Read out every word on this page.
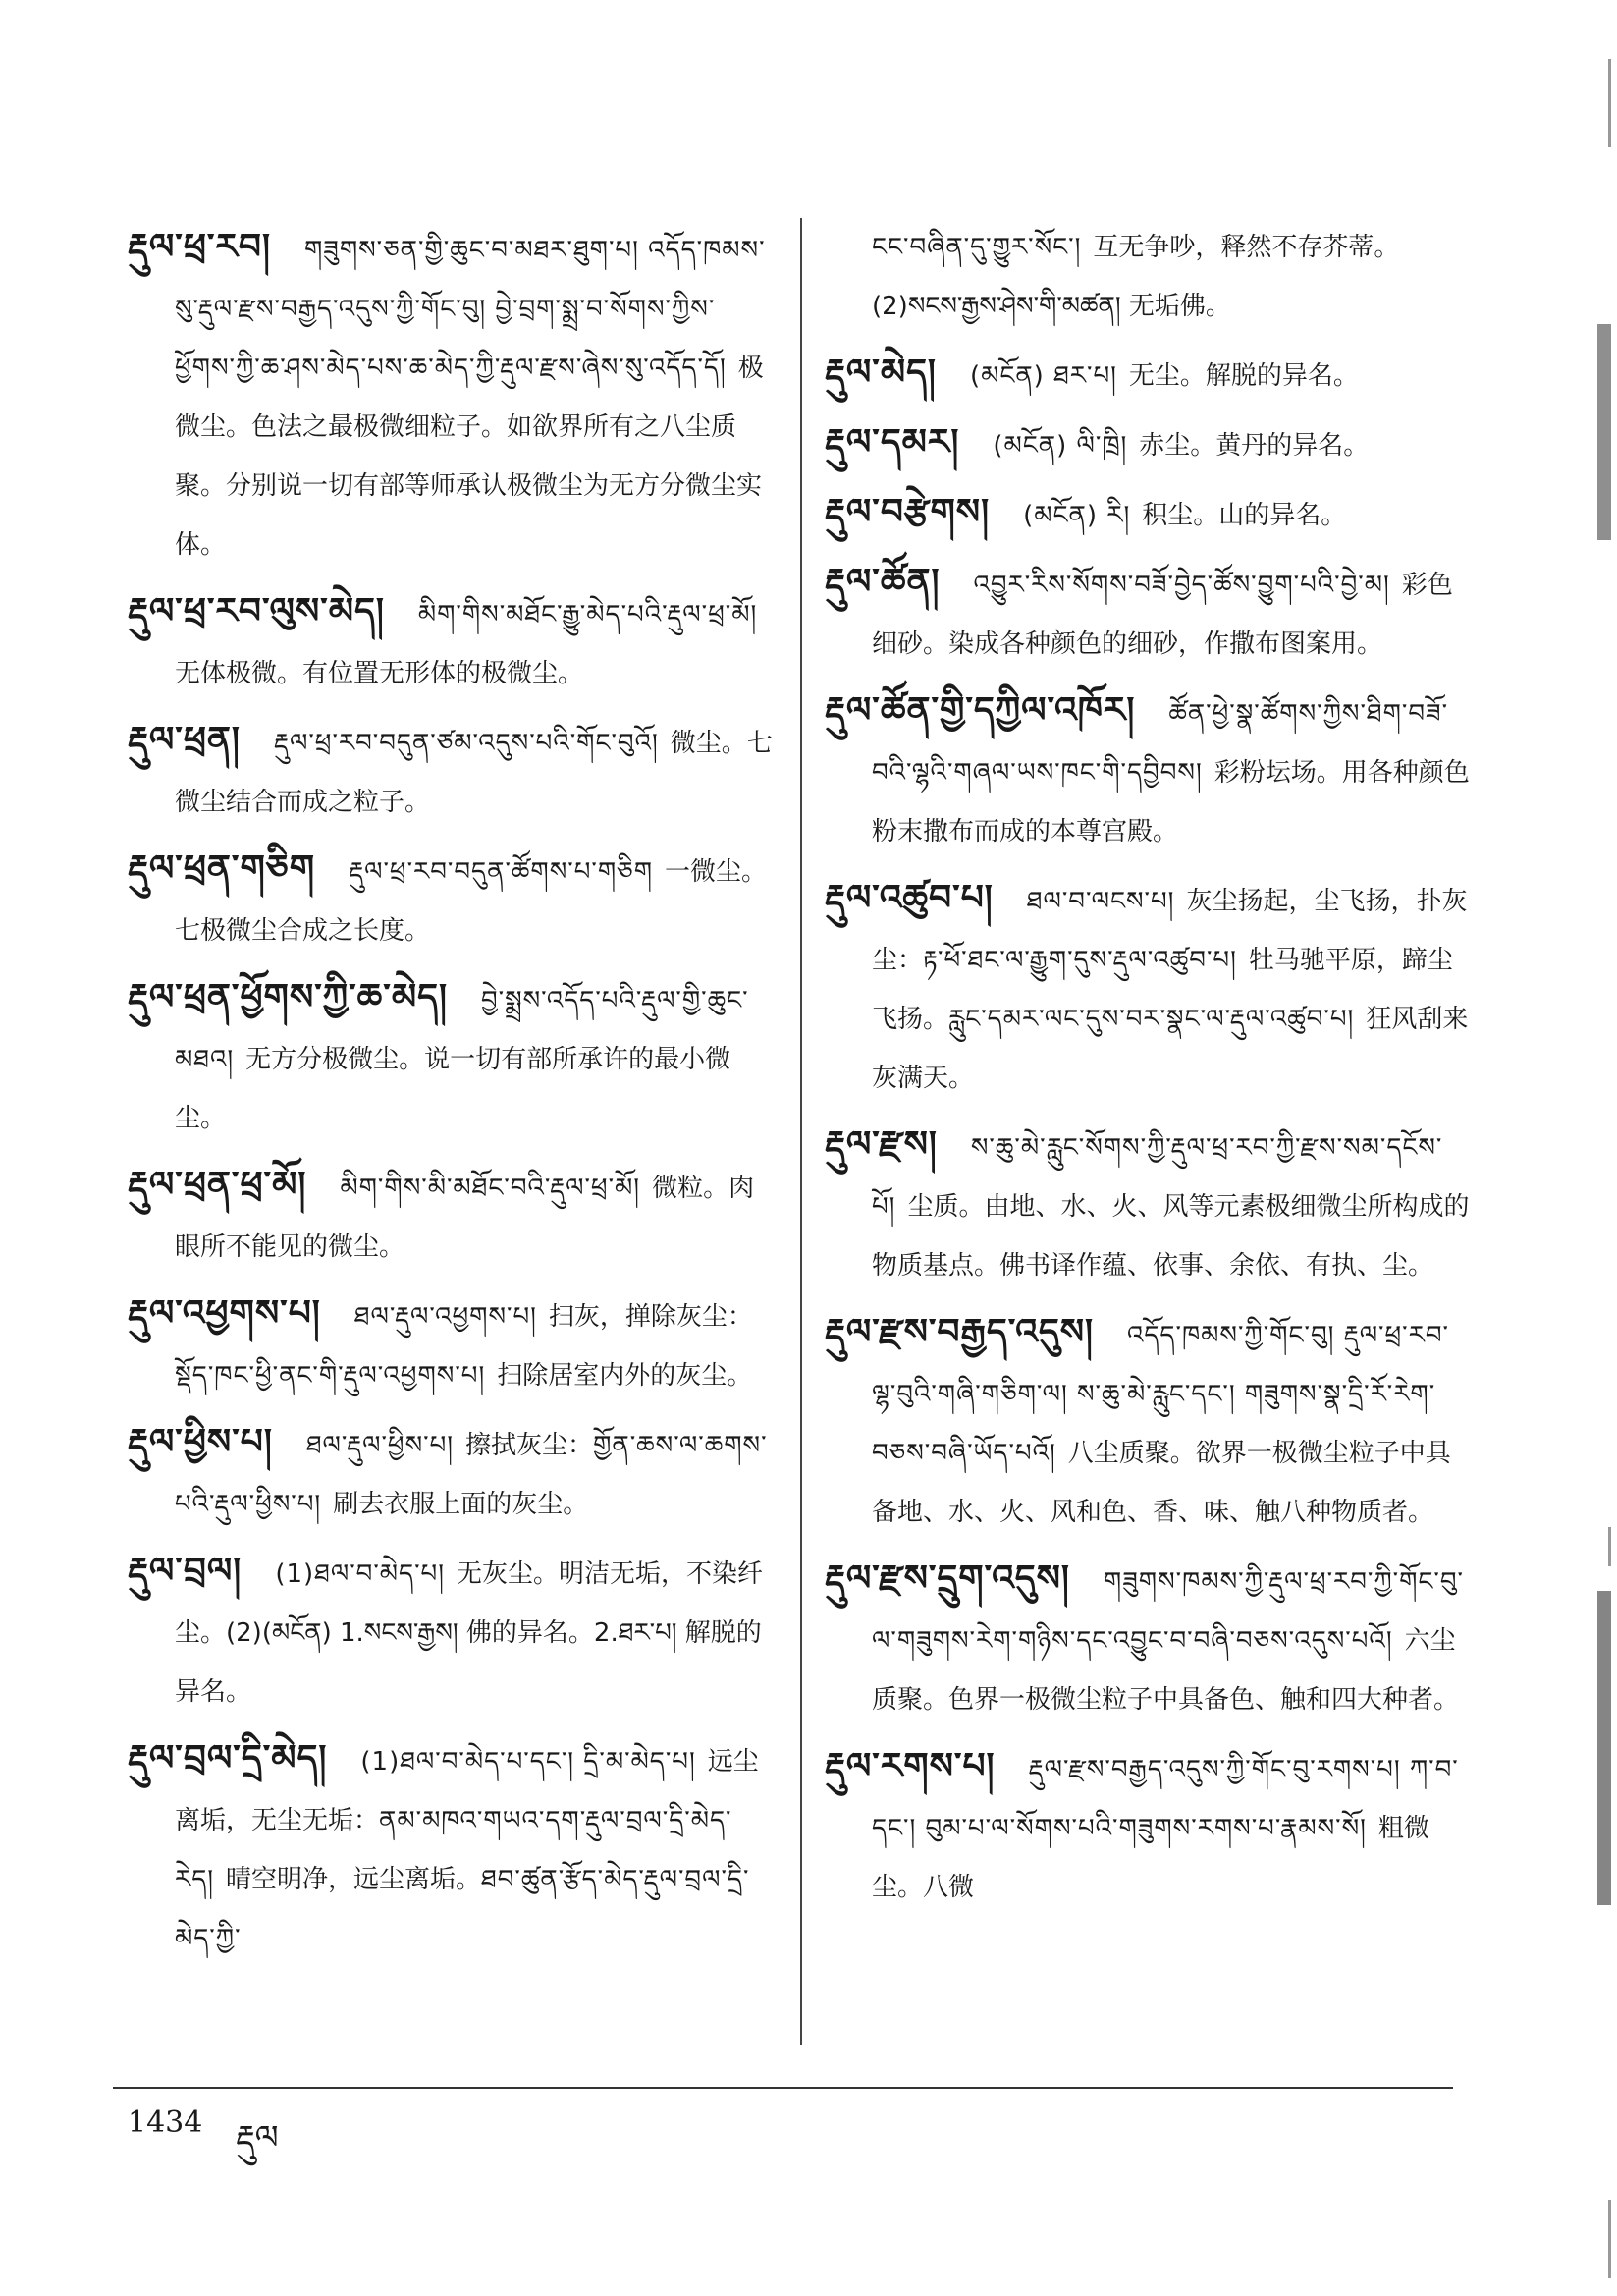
རྡུལ་ཕྲ་རབ། གཟུགས་ཅན་གྱི་ཆུང་བ་མཐར་ཐུག་པ། འདོད་ཁམས་སུ་རྡུལ་རྫས་བརྒྱད་འདུས་ཀྱི་གོང་བུ། བྱེ་བྲག་སྨྲ་བ་སོགས་ཀྱིས་ཕྱོགས་ཀྱི་ཆ་ཤས་མེད་པས་ཆ་མེད་ཀྱི་རྡུལ་རྫས་ཞེས་སུ་འདོད་དོ། 极微尘。色法之最极微细粒子。如欲界所有之八尘质聚。分别说一切有部等师承认极微尘为无方分微尘实体。
རྡུལ་ཕྲ་རབ་ལུས་མེད། མིག་གིས་མཐོང་རྒྱུ་མེད་པའི་རྡུལ་ཕྲ་མོ།无体极微。有位置无形体的极微尘。
རྡུལ་ཕྲན། རྡུལ་ཕྲ་རབ་བདུན་ཙམ་འདུས་པའི་གོང་བུའོ། 微尘。七微尘结合而成之粒子。
རྡུལ་ཕྲན་གཅིག རྡུལ་ཕྲ་རབ་བདུན་ཚོགས་པ་གཅིག 一微尘。七极微尘合成之长度。
རྡུལ་ཕྲན་ཕྱོགས་ཀྱི་ཆ་མེད། བྱེ་སྨྲས་འདོད་པའི་རྡུལ་གྱི་ཆུང་མཐའ། 无方分极微尘。说一切有部所承许的最小微尘。
རྡུལ་ཕྲན་ཕྲ་མོ། མིག་གིས་མི་མཐོང་བའི་རྡུལ་ཕྲ་མོ། 微粒。肉眼所不能见的微尘。
རྡུལ་འཕྱགས་པ། ཐལ་རྡུལ་འཕྱགས་པ། 扫灰，掸除灰尘：སྡོད་ཁང་ཕྱི་ནང་གི་རྡུལ་འཕྱགས་པ། 扫除居室内外的灰尘。
རྡུལ་ཕྱིས་པ། ཐལ་རྡུལ་ཕྱིས་པ། 擦拭灰尘：གྱོན་ཆས་ལ་ཆགས་པའི་རྡུལ་ཕྱིས་པ། 刷去衣服上面的灰尘。
རྡུལ་བྲལ། (1)ཐལ་བ་མེད་པ། 无灰尘。明洁无垢，不染纤尘。(2)(མངོན) 1.སངས་རྒྱས། 佛的异名。2.ཐར་པ། 解脱的异名。
རྡུལ་བྲལ་དྲི་མེད། (1)ཐལ་བ་མེད་པ་དང་། དྲི་མ་མེད་པ། 远尘离垢，无尘无垢：ནམ་མཁའ་གཡའ་དག་རྡུལ་བྲལ་དྲི་མེད་རེད། 晴空明净，远尘离垢。ཐབ་ཚུན་རྩོད་མེད་རྡུལ་བྲལ་དྲི་མེད་ཀྱི་
ངང་བཞིན་དུ་གྱུར་སོང་། 互无争吵，释然不存芥蒂。(2)སངས་རྒྱས་ཤེས་གི་མཚན། 无垢佛。
རྡུལ་མེད། (མངོན) ཐར་པ། 无尘。解脱的异名。
རྡུལ་དམར། (མངོན) ལི་ཁྲི། 赤尘。黄丹的异名。
རྡུལ་བརྩེགས། (མངོན) རི། 积尘。山的异名。
རྡུལ་ཚོན། འབྱུར་རིས་སོགས་བཟོ་བྱེད་ཚོས་བྱུག་པའི་བྱེ་མ། 彩色细砂。染成各种颜色的细砂，作撒布图案用。
རྡུལ་ཚོན་གྱི་དཀྱིལ་འཁོར། ཚོན་ཕྱེ་སྣ་ཚོགས་ཀྱིས་ཐིག་བཟོ་བའི་ལྷའི་གཞལ་ཡས་ཁང་གི་དབྱིབས། 彩粉坛场。用各种颜色粉末撒布而成的本尊宫殿。
རྡུལ་འཚུབ་པ། ཐལ་བ་ལངས་པ། 灰尘扬起，尘飞扬，扑灰尘：རྟ་ཕོ་ཐང་ལ་རྒྱུག་དུས་རྡུལ་འཚུབ་པ། 牡马驰平原，蹄尘飞扬。རླུང་དམར་ལང་དུས་བར་སྣང་ལ་རྡུལ་འཚུབ་པ། 狂风刮来灰满天。
རྡུལ་རྫས། ས་ཆུ་མེ་རླུང་སོགས་ཀྱི་རྡུལ་ཕྲ་རབ་ཀྱི་རྫས་སམ་དངོས་པོ། 尘质。由地、水、火、风等元素极细微尘所构成的物质基点。佛书译作蕴、依事、余依、有执、尘。
རྡུལ་རྫས་བརྒྱད་འདུས། འདོད་ཁམས་ཀྱི་གོང་བུ། རྡུལ་ཕྲ་རབ་ལྷ་བུའི་གཞི་གཅིག་ལ། ས་ཆུ་མེ་རླུང་དང་། གཟུགས་སྣ་དྲི་རོ་རེག་བཅས་བཞི་ཡོད་པའོ། 八尘质聚。欲界一极微尘粒子中具备地、水、火、风和色、香、味、触八种物质者。
རྡུལ་རྫས་དྲུག་འདུས། གཟུགས་ཁམས་ཀྱི་རྡུལ་ཕྲ་རབ་ཀྱི་གོང་བུ་ལ་གཟུགས་རེག་གཉིས་དང་འབྱུང་བ་བཞི་བཅས་འདུས་པའོ། 六尘质聚。色界一极微尘粒子中具备色、触和四大种者。
རྡུལ་རགས་པ། རྡུལ་རྫས་བརྒྱད་འདུས་ཀྱི་གོང་བུ་རགས་པ། ཀ་བ་དང་། བུམ་པ་ལ་སོགས་པའི་གཟུགས་རགས་པ་རྣམས་སོ། 粗微尘。八微
1434 རྡུལ
